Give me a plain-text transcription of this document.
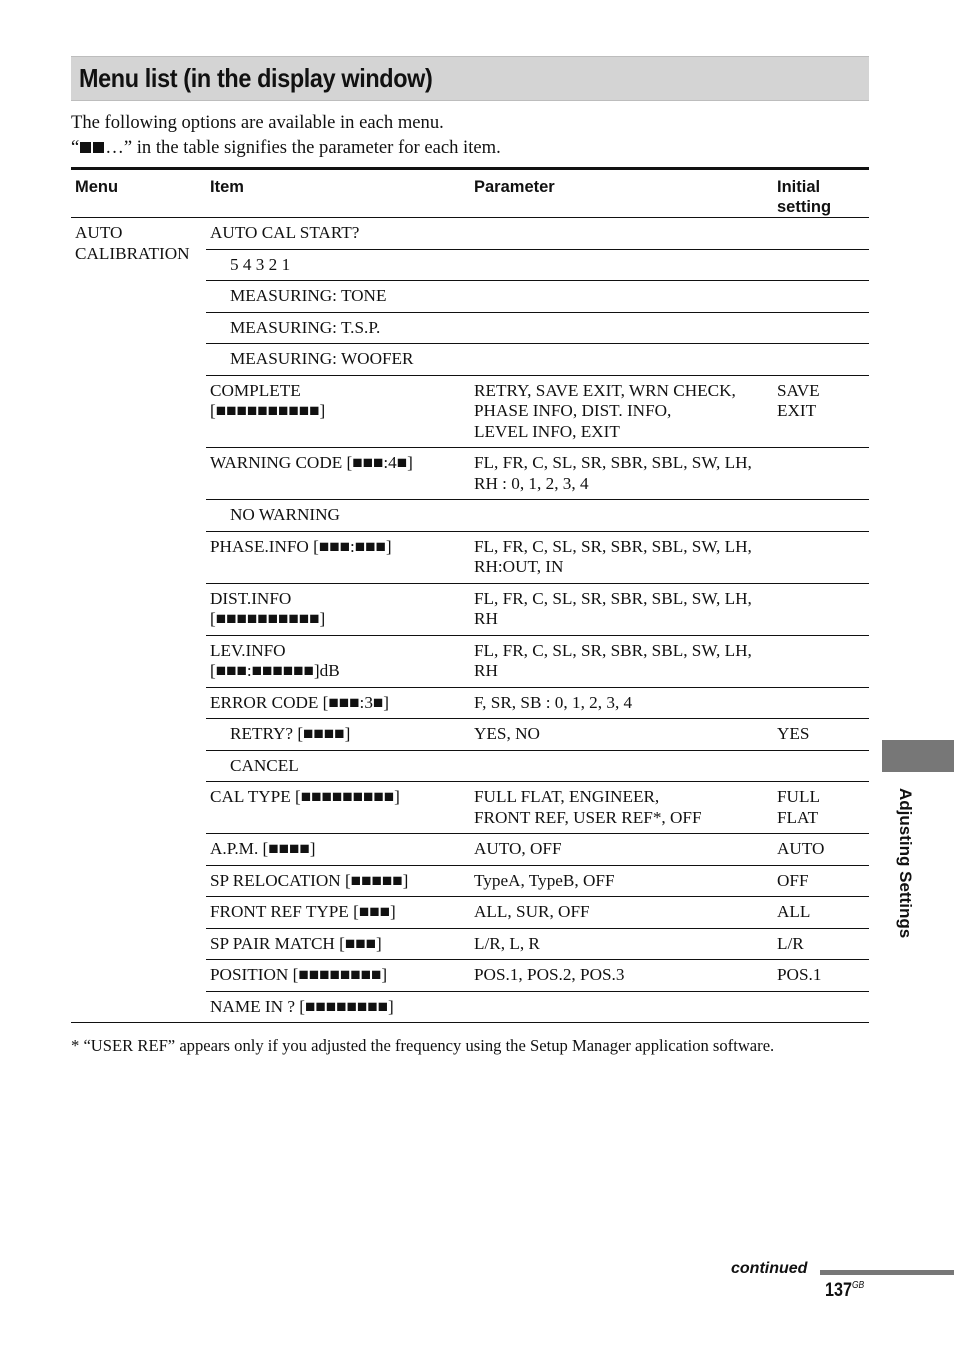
Menu list (in the display window)
The following options are available in each menu.
“ …” in the table signifies the parameter for each item.
Menu	Item	Parameter	Initial
setting
AUTO
CALIBRATION	AUTO CAL START?		
	5 4 3 2 1		
	MEASURING: TONE		
	MEASURING: T.S.P.		
	MEASURING: WOOFER		
	COMPLETE
[■■■■■■■■■■]	RETRY, SAVE EXIT, WRN CHECK,
PHASE INFO, DIST. INFO,
LEVEL INFO, EXIT	SAVE
EXIT
	WARNING CODE [■■■:4■]	FL, FR, C, SL, SR, SBR, SBL, SW, LH,
RH : 0, 1, 2, 3, 4	
	NO WARNING		
	PHASE.INFO [■■■:■■■]	FL, FR, C, SL, SR, SBR, SBL, SW, LH,
RH:OUT, IN	
	DIST.INFO
[■■■■■■■■■■]	FL, FR, C, SL, SR, SBR, SBL, SW, LH,
RH	
	LEV.INFO
[■■■:■■■■■■]dB	FL, FR, C, SL, SR, SBR, SBL, SW, LH,
RH	
	ERROR CODE [■■■:3■]	F, SR, SB : 0, 1, 2, 3, 4	
	RETRY? [■■■■]	YES, NO	YES
	CANCEL		
	CAL TYPE [■■■■■■■■■]	FULL FLAT, ENGINEER,
FRONT REF, USER REF*, OFF	FULL
FLAT
	A.P.M. [■■■■]	AUTO, OFF	AUTO
	SP RELOCATION [■■■■■]	TypeA, TypeB, OFF	OFF
	FRONT REF TYPE [■■■]	ALL, SUR, OFF	ALL
	SP PAIR MATCH [■■■]	L/R, L, R	L/R
	POSITION [■■■■■■■■]	POS.1, POS.2, POS.3	POS.1
	NAME IN ? [■■■■■■■■]		
* “USER REF” appears only if you adjusted the frequency using the Setup Manager application software.
Adjusting Settings
continued
$137^{GB}$
